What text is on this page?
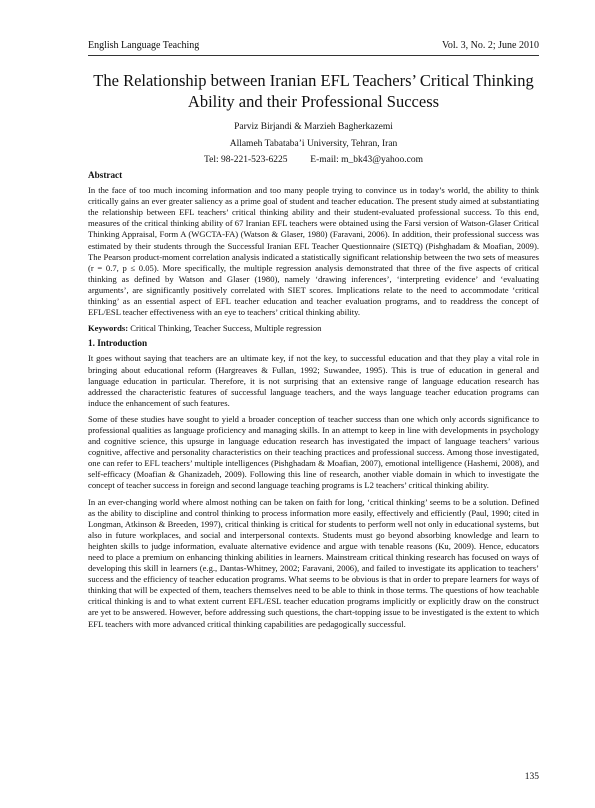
English Language Teaching	Vol. 3, No. 2; June 2010
The Relationship between Iranian EFL Teachers’ Critical Thinking
Ability and their Professional Success
Parviz Birjandi & Marzieh Bagherkazemi
Allameh Tabataba’i University, Tehran, Iran
Tel: 98-221-523-6225 E-mail: m_bk43@yahoo.com
Abstract

In the face of too much incoming information and too many people trying to convince us in today’s world, the ability to think critically gains an ever greater saliency as a prime goal of student and teacher education. The present study aimed at substantiating the relationship between EFL teachers’ critical thinking ability and their student-evaluated professional success. To this end, measures of the critical thinking ability of 67 Iranian EFL teachers were obtained using the Farsi version of Watson-Glaser Critical Thinking Appraisal, Form A (WGCTA-FA) (Watson & Glaser, 1980) (Faravani, 2006). In addition, their professional success was estimated by their students through the Successful Iranian EFL Teacher Questionnaire (SIETQ) (Pishghadam & Moafian, 2009). The Pearson product-moment correlation analysis indicated a statistically significant relationship between the two sets of measures (r = 0.7, p ≤ 0.05). More specifically, the multiple regression analysis demonstrated that three of the five aspects of critical thinking as defined by Watson and Glaser (1980), namely ‘drawing inferences’, ‘interpreting evidence’ and ‘evaluating arguments’, are significantly positively correlated with SIET scores. Implications relate to the need to accommodate ‘critical thinking’ as an essential aspect of EFL teacher education and teacher evaluation programs, and to readdress the concept of EFL/ESL teacher effectiveness with an eye to teachers’ critical thinking ability.

Keywords: Critical Thinking, Teacher Success, Multiple regression

1. Introduction

It goes without saying that teachers are an ultimate key, if not the key, to successful education and that they play a vital role in bringing about educational reform (Hargreaves & Fullan, 1992; Suwandee, 1995). This is true of education in general and language education in particular. Therefore, it is not surprising that an extensive range of language education research has addressed the characteristic features of successful language teachers, and the ways language teacher education programs can induce the enhancement of such features.

Some of these studies have sought to yield a broader conception of teacher success than one which only accords significance to professional qualities as language proficiency and managing skills. In an attempt to keep in line with developments in psychology and cognitive science, this upsurge in language education research has investigated the impact of language teachers’ various cognitive, affective and personality characteristics on their teaching practices and professional success. Among those investigated, one can refer to EFL teachers’ multiple intelligences (Pishghadam & Moafian, 2007), emotional intelligence (Hashemi, 2008), and self-efficacy (Moafian & Ghanizadeh, 2009). Following this line of research, another viable domain in which to investigate the concept of teacher success in foreign and second language teaching programs is L2 teachers’ critical thinking ability.

In an ever-changing world where almost nothing can be taken on faith for long, ‘critical thinking’ seems to be a solution. Defined as the ability to discipline and control thinking to process information more easily, effectively and efficiently (Paul, 1990; cited in Longman, Atkinson & Breeden, 1997), critical thinking is critical for students to perform well not only in educational systems, but also in future workplaces, and social and interpersonal contexts. Students must go beyond absorbing knowledge and learn to heighten skills to judge information, evaluate alternative evidence and argue with tenable reasons (Ku, 2009). Hence, educators need to place a premium on enhancing thinking abilities in learners. Mainstream critical thinking research has focused on ways of developing this skill in learners (e.g., Dantas-Whitney, 2002; Faravani, 2006), and failed to investigate its application to teachers’ success and the efficiency of teacher education programs. What seems to be obvious is that in order to prepare learners for ways of thinking that will be expected of them, teachers themselves need to be able to think in those terms. The questions of how teachable critical thinking is and to what extent current EFL/ESL teacher education programs implicitly or explicitly draw on the construct are yet to be answered. However, before addressing such questions, the chart-topping issue to be investigated is the extent to which EFL teachers with more advanced critical thinking capabilities are pedagogically successful.

135
